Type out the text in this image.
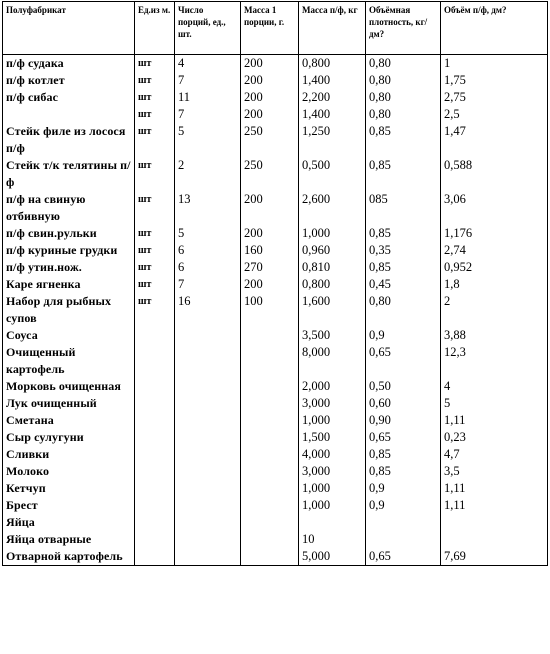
Полуфабрикат	Ед.из м.	Число порций, ед., шт.	Масса 1 порции, г.	Масса п/ф, кг	Объёмная плотность, кг/дм?	Объём п/ф, дм?
п/ф судака	шт	4	200	0,800	0,80	1
п/ф котлет	шт	7	200	1,400	0,80	1,75
п/ф сибас	шт	11	200	2,200	0,80	2,75
	шт	7	200	1,400	0,80	2,5
Стейк филе из лосося п/ф	шт	5	250	1,250	0,85	1,47
Стейк т/к телятины п/ф	шт	2	250	0,500	0,85	0,588
п/ф на свиную отбивную	шт	13	200	2,600	085	3,06
п/ф свин.рульки	шт	5	200	1,000	0,85	1,176
п/ф куриные грудки	шт	6	160	0,960	0,35	2,74
п/ф утин.нож.	шт	6	270	0,810	0,85	0,952
Каре ягненка	шт	7	200	0,800	0,45	1,8
Набор для рыбных супов	шт	16	100	1,600	0,80	2
Соуса				3,500	0,9	3,88
Очищенный картофель				8,000	0,65	12,3
Морковь очищенная				2,000	0,50	4
Лук очищенный				3,000	0,60	5
Сметана				1,000	0,90	1,11
Сыр сулугуни				1,500	0,65	0,23
Сливки				4,000	0,85	4,7
Молоко				3,000	0,85	3,5
Кетчуп				1,000	0,9	1,11
Брест				1,000	0,9	1,11
Яйца						
Яйца отварные				10		
Отварной картофель				5,000	0,65	7,69
